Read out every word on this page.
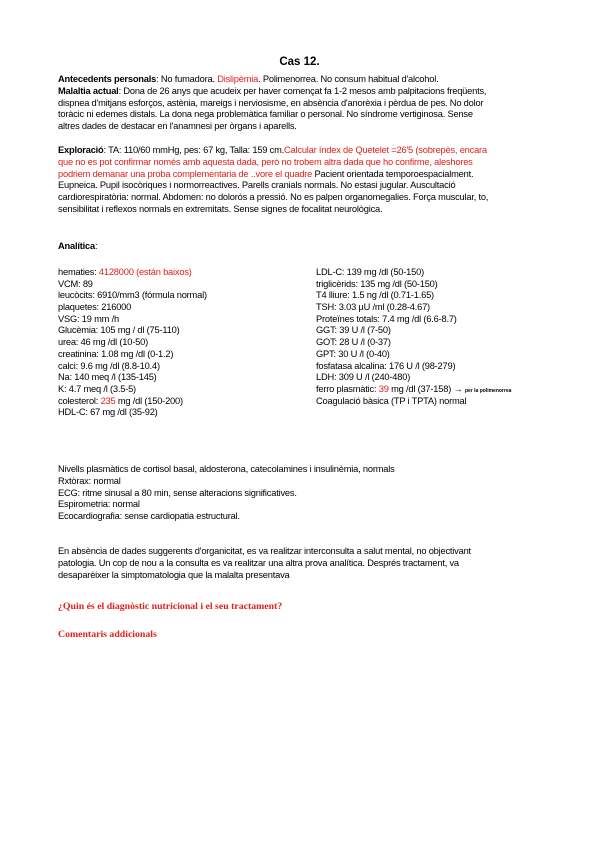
Cas 12.
Antecedents personals: No fumadora. Dislipèmia. Polimenorrea. No consum habitual d'alcohol.
Malaltia actual: Dona de 26 anys que acudeix per haver començat fa 1-2 mesos amb palpitacions freqüents,
dispnea d'mitjans esforços, astènia, mareigs i nerviosisme, en absència d'anorèxia i pèrdua de pes. No dolor
toràcic ni edemes distals. La dona nega problemàtica familiar o personal. No síndrome vertiginosa. Sense
altres dades de destacar en l'anamnesi per òrgans i aparells.
Exploració: TA: 110/60 mmHg, pes: 67 kg, Talla: 159 cm.Calcular índex de Quetelet =26'5 (sobrepès, encara
que no es pot confirmar només amb aquesta dada, però no trobem altra dada que ho confirme, aleshores
podriem demanar una proba complementaria de ..vore el quadre Pacient orientada temporoespacialment.
Eupneica. Pupil isocòriques i normorreactives. Parells cranials normals. No estasi jugular. Auscultació
cardiorespiratòria: normal. Abdomen: no dolorós a pressió. No es palpen organomegalies. Força muscular, to,
sensibilitat i reflexos normals en extremitats. Sense signes de focalitat neurològica.
Analítica:
hematies: 4128000 (están baixos)
VCM: 89
leucòcits: 6910/mm3 (fórmula normal)
plaquetes: 216000
VSG: 19 mm /h
Glucèmia: 105 mg / dl (75-110)
urea: 46 mg /dl (10-50)
creatinina: 1.08 mg /dl (0-1.2)
calci: 9.6 mg /dl (8.8-10.4)
Na: 140 meq /l (135-145)
K: 4.7 meq /l (3.5-5)
colesterol: 235 mg /dl (150-200)
HDL-C: 67 mg /dl (35-92)
LDL-C: 139 mg /dl (50-150)
triglicèrids: 135 mg /dl (50-150)
T4 lliure: 1.5 ng /dl (0.71-1.65)
TSH: 3.03 µU /ml (0.28-4.67)
Proteïnes totals: 7.4 mg /dl (6.6-8.7)
GGT: 39 U /l (7-50)
GOT: 28 U /l (0-37)
GPT: 30 U /l (0-40)
fosfatasa alcalina: 176 U /l (98-279)
LDH: 309 U /l (240-480)
ferro plasmàtic: 39 mg /dl (37-158) → per la polimenorrea
Coagulació bàsica (TP i TPTA) normal
Nivells plasmàtics de cortisol basal, aldosterona, catecolamines i insulinèmia, normals
Rxtòrax: normal
ECG: ritme sinusal a 80 min, sense alteracions significatives.
Espirometria: normal
Ecocardiografia: sense cardiopatia estructural.
En absència de dades suggerents d'organicitat, es va realitzar interconsulta a salut mental, no objectivant
patologia. Un cop de nou a la consulta es va realitzar una altra prova analítica. Després tractament, va
desaparèixer la simptomatologia que la malalta presentava
¿Quin és el diagnòstic nutricional i el seu tractament?
Comentaris addicionals
